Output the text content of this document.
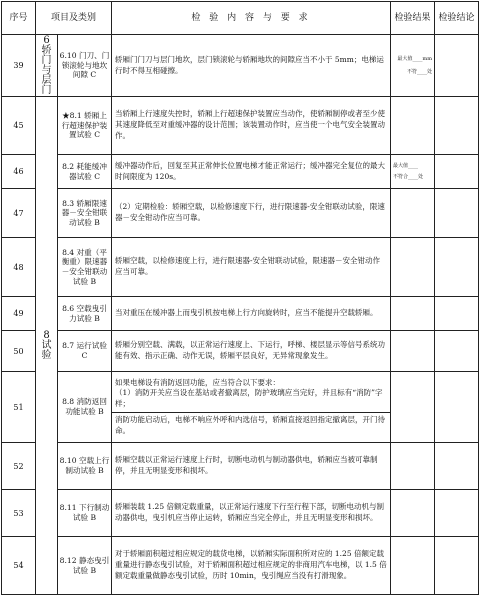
序号	项目及类别		检 验 内 容 与 要 求	检验结果	检验结论
39	6轿门与层门	6.10 门刀、门锁滚轮与地坎间隙 C	轿厢门门刀与层门地坎，层门锁滚轮与轿厢地坎的间隙应当不小于 5mm；电梯运行时不得互相碰擦。	最大值____mm
不符____处	

45	8试验	★8.1 轿厢上行超速保护装置试验 C	当轿厢上行速度失控时，轿厢上行超速保护装置应当动作，使轿厢制停或者至少使其速度降低至对重缓冲器的设计范围；该装置动作时，应当使一个电气安全装置动作。		
46		8.2 耗能缓冲器试验 C	缓冲器动作后，回复至其正常伸长位置电梯才能正常运行；缓冲器完全复位的最大时间限度为 120s。	最大值____
不符合____处	

47		8.3 轿厢限速器－安全钳联动试验 B	（2）定期检验：轿厢空载，以检修速度下行，进行限速器-安全钳联动试验，限速器－安全钳动作应当可靠。		
48		8.4 对重（平衡重）限速器－安全钳联动试验 B	轿厢空载，以检修速度上行，进行限速器-安全钳联动试验，限速器－安全钳动作应当可靠。		
49		8.6 空载曳引力试验 B	当对重压在缓冲器上而曳引机按电梯上行方向旋转时，应当不能提升空载轿厢。		
50		8.7 运行试验 C	轿厢分别空载、满载，以正常运行速度上、下运行，呼梯、楼层显示等信号系统功能有效、指示正确、动作无误，轿厢平层良好，无异常现象发生。		
51		8.8 消防返回功能试验 B	如果电梯设有消防返回功能，应当符合以下要求：
（1）消防开关应当设在基站或者撤离层，防护玻璃应当完好，并且标有“消防”字样；
消防功能启动后，电梯不响应外呼和内选信号，轿厢直接返回指定撤离层，开门待命。		

52		8.10 空载上行制动试验 B	轿厢空载以正常运行速度上行时，切断电动机与制动器供电，轿厢应当被可靠制停，并且无明显变形和损坏。		
53		8.11 下行制动试验 B	轿厢装载 1.25 倍额定载重量，以正常运行速度下行至行程下部，切断电动机与制动器供电，曳引机应当停止运转，轿厢应当完全停止，并且无明显变形和损坏。		
54		8.12 静态曳引试验 B	对于轿厢面积超过相应规定的载货电梯，以轿厢实际面积所对应的 1.25 倍额定载重量进行静态曳引试验，对于轿厢面积超过相应规定的非商用汽车电梯，以 1.5 倍额定载重量做静态曳引试验，历时 10min，曳引绳应当没有打滑现象。		
